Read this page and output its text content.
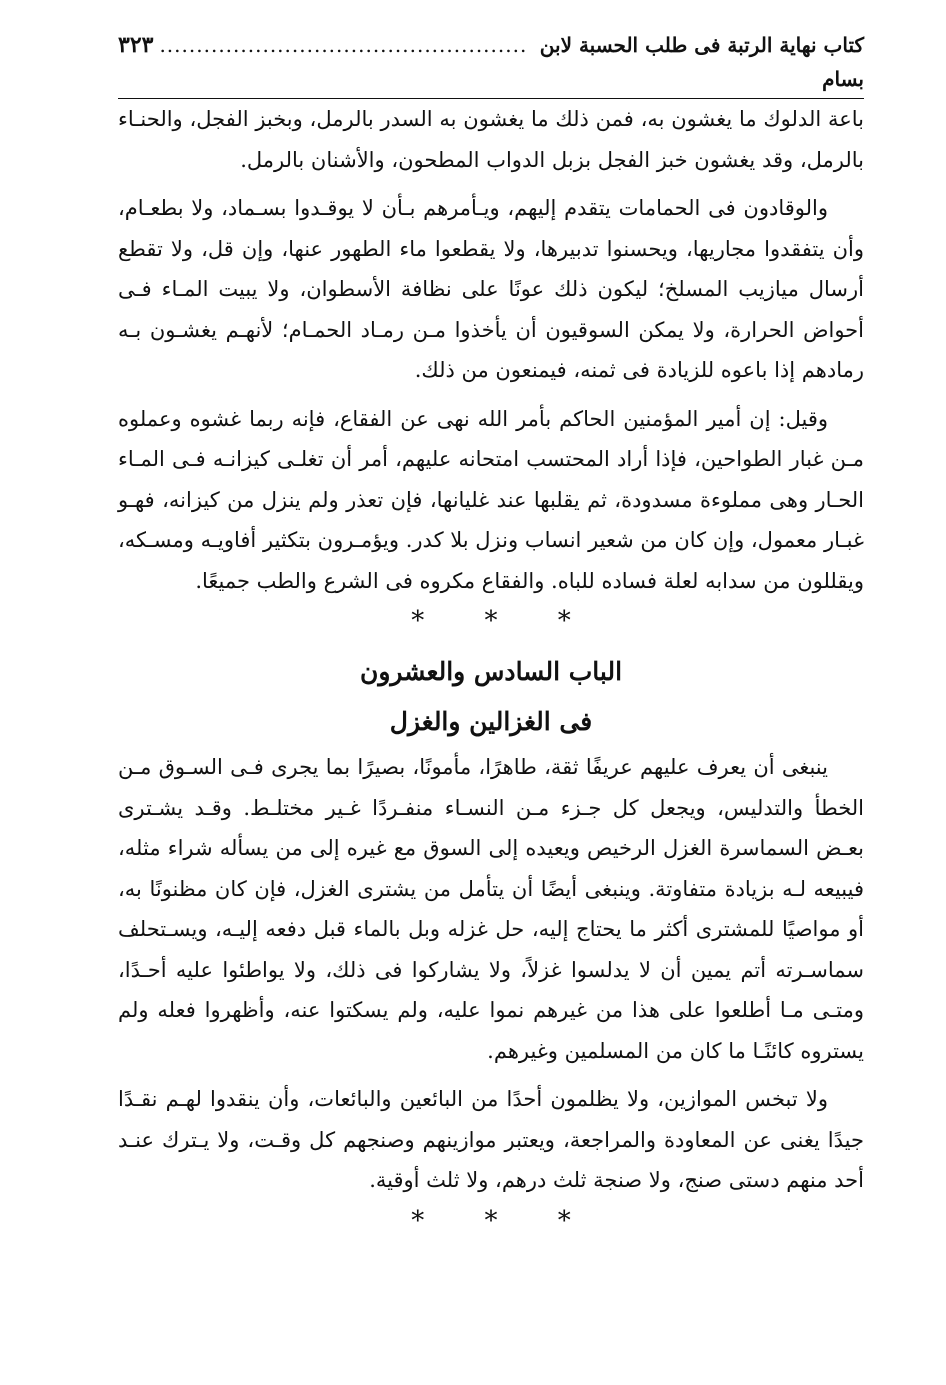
كتاب نهاية الرتبة فى طلب الحسبة لابن بسام
..................................................
٣٢٣

باعة الدلوك ما يغشون به، فمن ذلك ما يغشون به السدر بالرمل، وبخبز الفجل، والحنـاء بالرمل، وقد يغشون خبز الفجل بزبل الدواب المطحون، والأشنان بالرمل.

والوقادون فى الحمامات يتقدم إليهم، ويـأمرهم بـأن لا يوقـدوا بسـماد، ولا بطعـام، وأن يتفقدوا مجاريها، ويحسنوا تدبيرها، ولا يقطعوا ماء الطهور عنها، وإن قل، ولا تقطع أرسال ميازيب المسلخ؛ ليكون ذلك عونًا على نظافة الأسطوان، ولا يبيت المـاء فـى أحواض الحرارة، ولا يمكن السوقيون أن يأخذوا مـن رمـاد الحمـام؛ لأنهـم يغشـون بـه رمادهم إذا باعوه للزيادة فى ثمنه، فيمنعون من ذلك.

وقيل: إن أمير المؤمنين الحاكم بأمر الله نهى عن الفقاع، فإنه ربما غشوه وعملوه مـن غبار الطواحين، فإذا أراد المحتسب امتحانه عليهم، أمر أن تغلـى كيزانـه فـى المـاء الحـار وهى مملوءة مسدودة، ثم يقلبها عند غليانها، فإن تعذر ولم ينزل من كيزانه، فهـو غبـار معمول، وإن كان من شعير انساب ونزل بلا كدر. ويؤمـرون بتكثير أفاويـه ومسـكه، ويقللون من سدابه لعلة فساده للباه. والفقاع مكروه فى الشرع والطب جميعًا.

* * *
الباب السادس والعشرون
فى الغزالين والغزل

ينبغى أن يعرف عليهم عريفًا ثقة، طاهرًا، مأمونًا، بصيرًا بما يجرى فـى السـوق مـن الخطأ والتدليس، ويجعل كل جـزء مـن النسـاء منفـردًا غـير مختلـط. وقـد يشـترى بعـض السماسرة الغزل الرخيص ويعيده إلى السوق مع غيره إلى من يسأله شراء مثله، فيبيعه لـه بزيادة متفاوتة. وينبغى أيضًا أن يتأمل من يشترى الغزل، فإن كان مظنونًا به، أو مواصيًا للمشترى أكثر ما يحتاج إليه، حل غزله وبل بالماء قبل دفعه إليـه، ويسـتحلف سماسـرته أتم يمين أن لا يدلسوا غزلاً، ولا يشاركوا فى ذلك، ولا يواطئوا عليه أحـدًا، ومتـى مـا أطلعوا على هذا من غيرهم نموا عليه، ولم يسكتوا عنه، وأظهروا فعله ولم يستروه كائنًـا ما كان من المسلمين وغيرهم.

ولا تبخس الموازين، ولا يظلمون أحدًا من البائعين والبائعات، وأن ينقدوا لهـم نقـدًا جيدًا يغنى عن المعاودة والمراجعة، ويعتبر موازينهم وصنجهم كل وقـت، ولا يـترك عنـد أحد منهم دستى صنج، ولا صنجة ثلث درهم، ولا ثلث أوقية.

* * *
